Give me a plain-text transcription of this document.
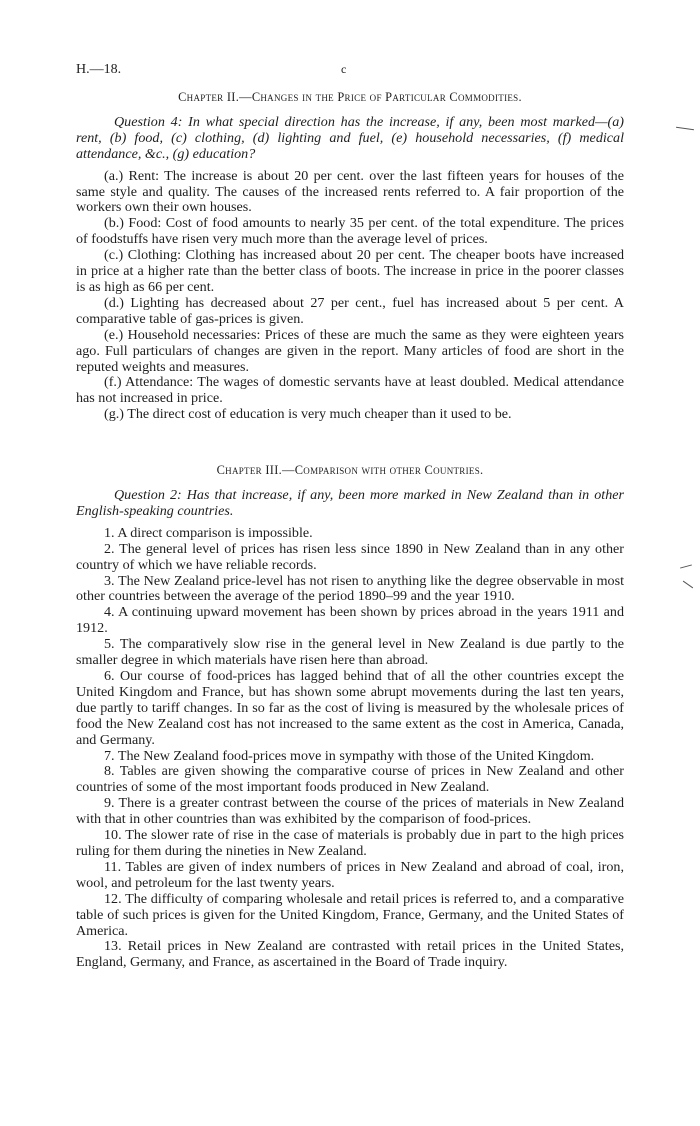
H.—18.	c
Chapter II.—Changes in the Price of Particular Commodities.

Question 4: In what special direction has the increase, if any, been most marked—(a) rent, (b) food, (c) clothing, (d) lighting and fuel, (e) household necessaries, (f) medical attendance, &c., (g) education?

(a.) Rent: The increase is about 20 per cent. over the last fifteen years for houses of the same style and quality. The causes of the increased rents referred to. A fair proportion of the workers own their own houses.

(b.) Food: Cost of food amounts to nearly 35 per cent. of the total expenditure. The prices of foodstuffs have risen very much more than the average level of prices.

(c.) Clothing: Clothing has increased about 20 per cent. The cheaper boots have increased in price at a higher rate than the better class of boots. The increase in price in the poorer classes is as high as 66 per cent.

(d.) Lighting has decreased about 27 per cent., fuel has increased about 5 per cent. A comparative table of gas-prices is given.

(e.) Household necessaries: Prices of these are much the same as they were eighteen years ago. Full particulars of changes are given in the report. Many articles of food are short in the reputed weights and measures.

(f.) Attendance: The wages of domestic servants have at least doubled. Medical attendance has not increased in price.

(g.) The direct cost of education is very much cheaper than it used to be.

Chapter III.—Comparison with other Countries.

Question 2: Has that increase, if any, been more marked in New Zealand than in other English-speaking countries.

1. A direct comparison is impossible.

2. The general level of prices has risen less since 1890 in New Zealand than in any other country of which we have reliable records.

3. The New Zealand price-level has not risen to anything like the degree observable in most other countries between the average of the period 1890–99 and the year 1910.

4. A continuing upward movement has been shown by prices abroad in the years 1911 and 1912.

5. The comparatively slow rise in the general level in New Zealand is due partly to the smaller degree in which materials have risen here than abroad.

6. Our course of food-prices has lagged behind that of all the other countries except the United Kingdom and France, but has shown some abrupt movements during the last ten years, due partly to tariff changes. In so far as the cost of living is measured by the wholesale prices of food the New Zealand cost has not increased to the same extent as the cost in America, Canada, and Germany.

7. The New Zealand food-prices move in sympathy with those of the United Kingdom.

8. Tables are given showing the comparative course of prices in New Zealand and other countries of some of the most important foods produced in New Zealand.

9. There is a greater contrast between the course of the prices of materials in New Zealand with that in other countries than was exhibited by the comparison of food-prices.

10. The slower rate of rise in the case of materials is probably due in part to the high prices ruling for them during the nineties in New Zealand.

11. Tables are given of index numbers of prices in New Zealand and abroad of coal, iron, wool, and petroleum for the last twenty years.

12. The difficulty of comparing wholesale and retail prices is referred to, and a comparative table of such prices is given for the United Kingdom, France, Germany, and the United States of America.

13. Retail prices in New Zealand are contrasted with retail prices in the United States, England, Germany, and France, as ascertained in the Board of Trade inquiry.
